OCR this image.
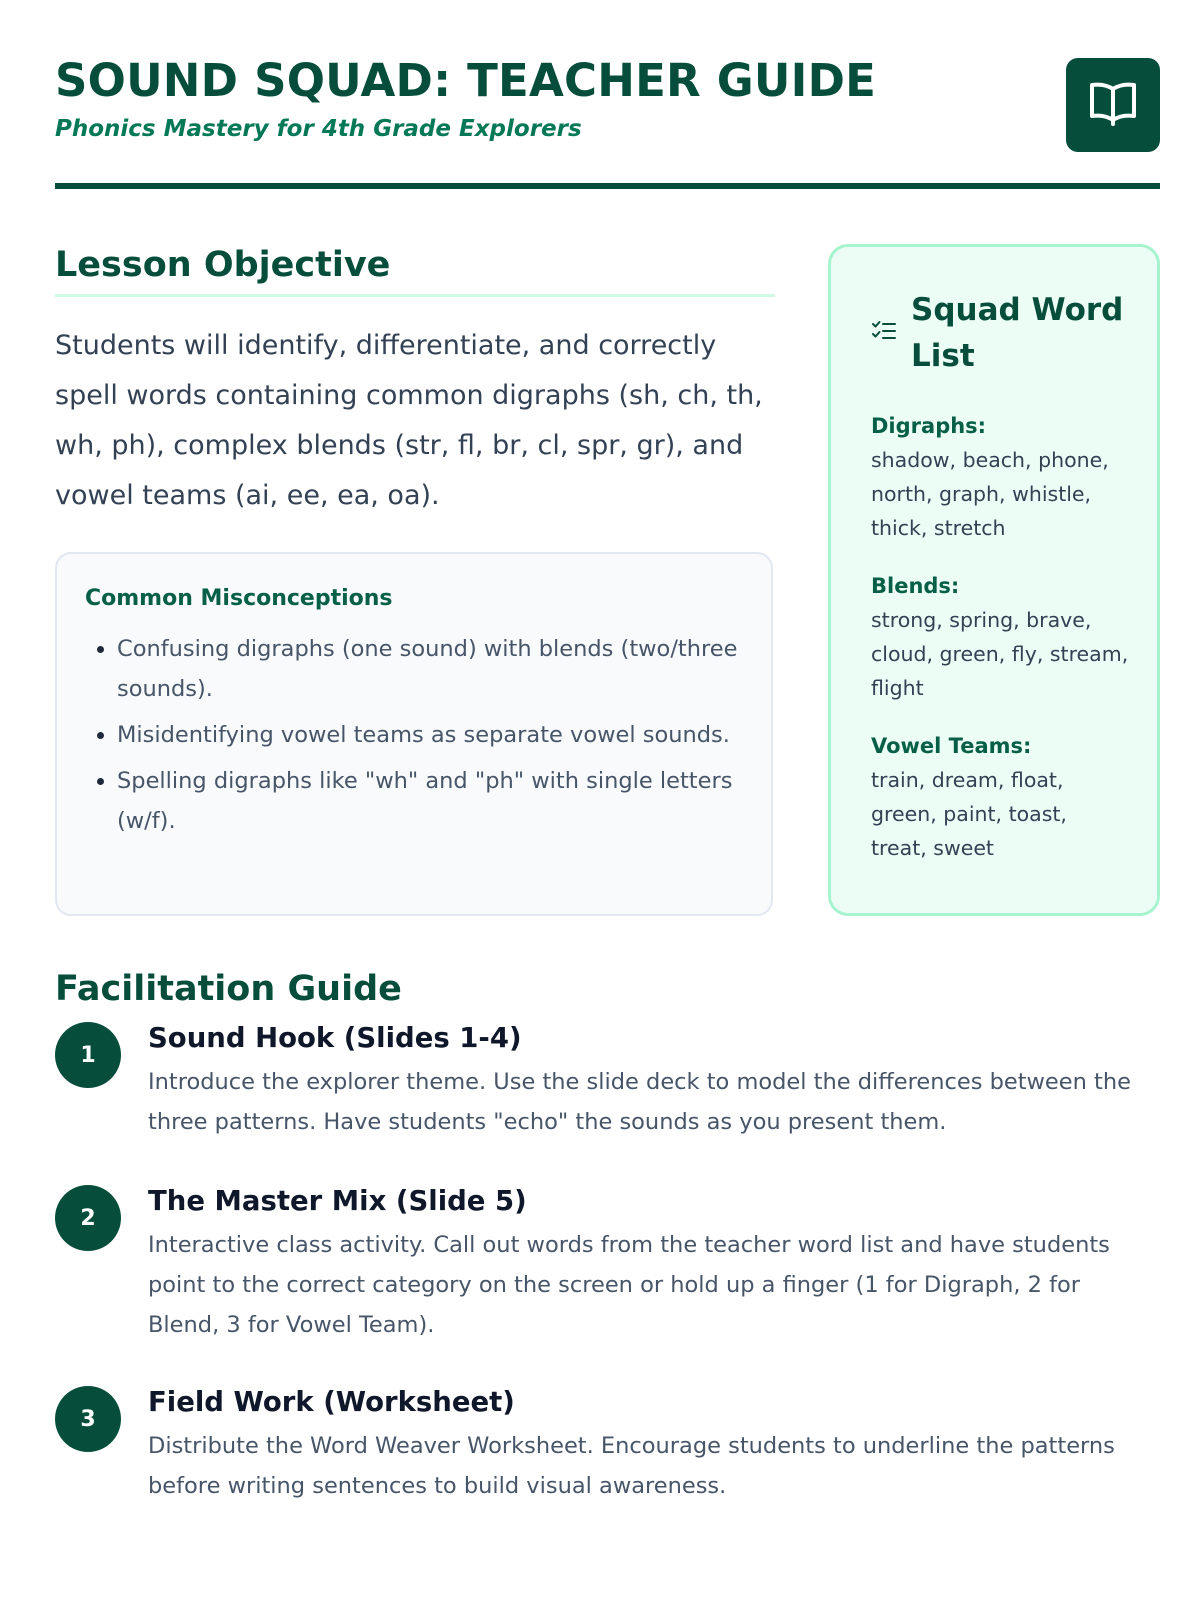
SOUND SQUAD: TEACHER GUIDE

Phonics Mastery for 4th Grade Explorers

Lesson Objective

Students will identify, differentiate, and correctly spell words containing common digraphs (sh, ch, th, wh, ph), complex blends (str, fl, br, cl, spr, gr), and vowel teams (ai, ee, ea, oa).

Common Misconceptions
• Confusing digraphs (one sound) with blends (two/three sounds).
• Misidentifying vowel teams as separate vowel sounds.
• Spelling digraphs like "wh" and "ph" with single letters (w/f).
Squad Word List
Digraphs:
shadow, beach, phone, north, graph, whistle, thick, stretch
Blends:
strong, spring, brave, cloud, green, fly, stream, flight
Vowel Teams:
train, dream, float, green, paint, toast, treat, sweet
Facilitation Guide
1
Sound Hook (Slides 1-4)

Introduce the explorer theme. Use the slide deck to model the differences between the three patterns. Have students "echo" the sounds as you present them.

2
The Master Mix (Slide 5)

Interactive class activity. Call out words from the teacher word list and have students point to the correct category on the screen or hold up a finger (1 for Digraph, 2 for Blend, 3 for Vowel Team).

3
Field Work (Worksheet)

Distribute the Word Weaver Worksheet. Encourage students to underline the patterns before writing sentences to build visual awareness.
